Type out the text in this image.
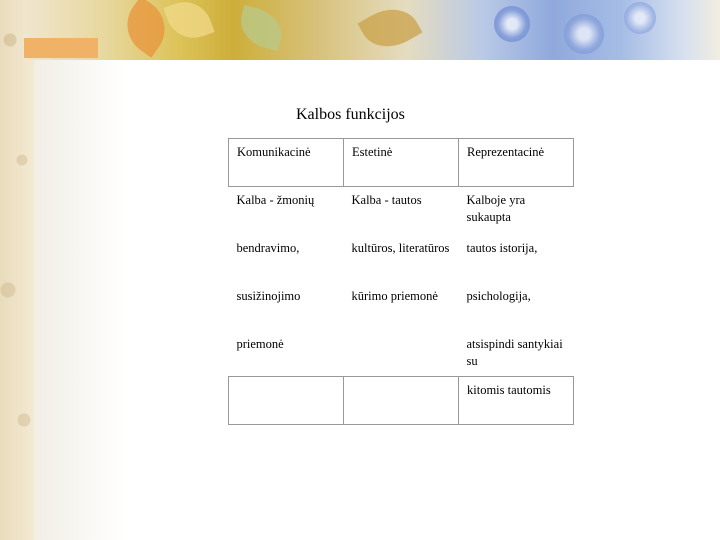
Kalbos funkcijos
Komunikacinė	Estetinė	Reprezentacinė
Kalba - žmonių	Kalba - tautos	Kalboje yra sukaupta
bendravimo,	kultūros, literatūros	tautos istorija,
susižinojimo	kūrimo priemonė	psichologija,
priemonė		atsispindi santykiai su
		kitomis tautomis
